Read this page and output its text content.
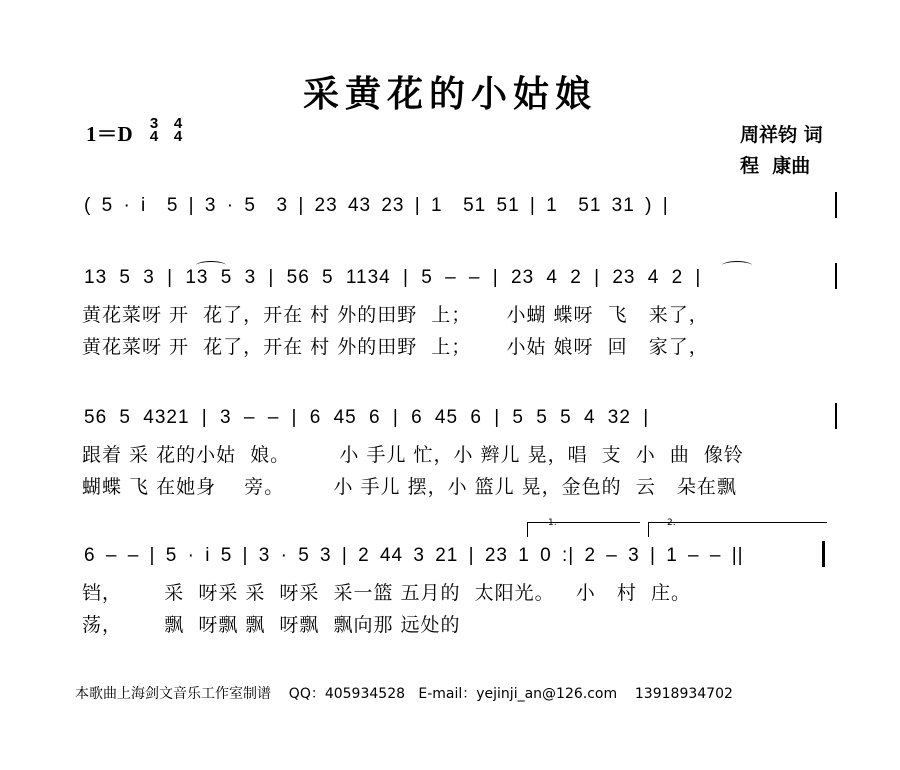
采黄花的小姑娘
1＝D 3
4
4
4	周祥钧 词
程  康曲
( 5 · i  5 | 3 · 5  3 | 23 43 23 | 1  51 51 | 1  51 31 ) |
13 5 3 | 13 5 3 | 56 5 1134 | 5 – – | 23 4 2 | 23 4 2 |
黄花菜呀 开  花了，开在 村 外的田野  上；     小蝴 蝶呀  飞   来了，
黄花菜呀 开  花了，开在 村 外的田野  上；     小姑 娘呀  回   家了，
56 5 4321 | 3 – – | 6 45 6 | 6 45 6 | 5 5 5 4 32 |
跟着 采 花的小姑  娘。       小 手儿 忙，小 辫儿 晃，唱  支  小  曲  像铃
蝴蝶 飞 在她身    旁。       小 手儿 摆，小 篮儿 晃，金色的  云   朵在飘
1.	2.
6 – – | 5 · i 5 | 3 · 5 3 | 2 44 3 21 | 23 1 0 :| 2 – 3 | 1 – – ||
铛，      采  呀采 采  呀采  采一篮 五月的  太阳光。   小   村  庄。
荡，      飘  呀飘 飘  呀飘  飘向那 远处的
本歌曲上海剑文音乐工作室制谱    QQ：405934528   E-mail：yejinji_an@126.com    13918934702
